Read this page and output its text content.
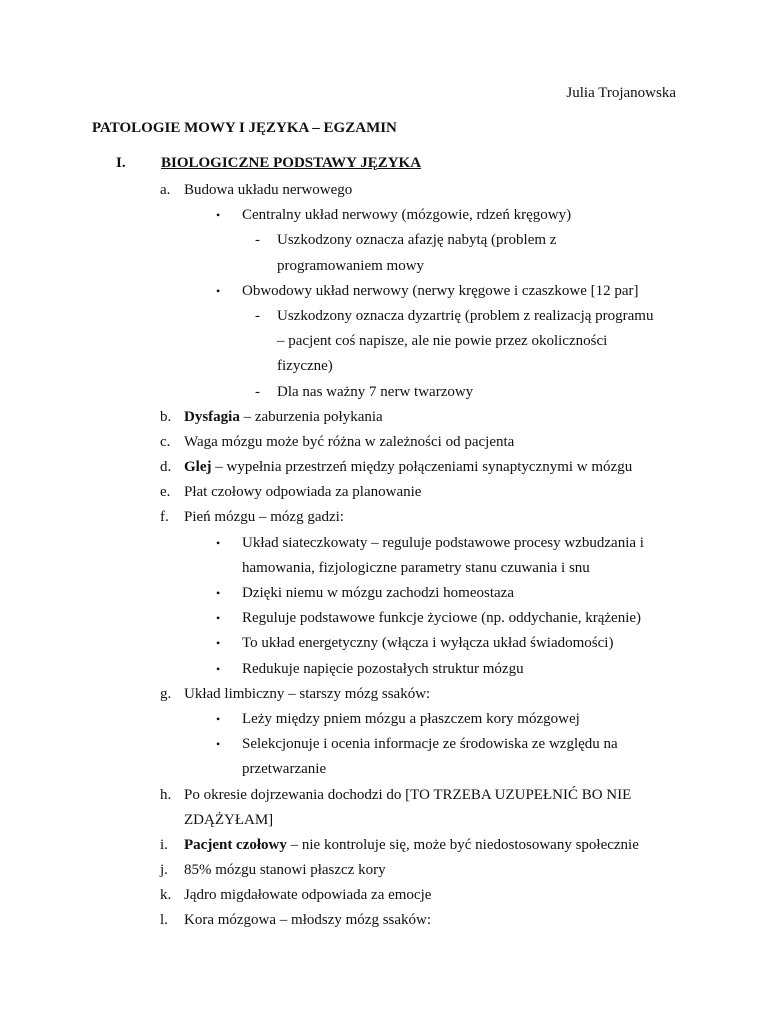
Julia Trojanowska
PATOLOGIE MOWY I JĘZYKA – EGZAMIN
I. BIOLOGICZNE PODSTAWY JĘZYKA
a. Budowa układu nerwowego
• Centralny układ nerwowy (mózgowie, rdzeń kręgowy)
- Uszkodzony oznacza afazję nabytą (problem z
programowaniem mowy
• Obwodowy układ nerwowy (nerwy kręgowe i czaszkowe [12 par]
- Uszkodzony oznacza dyzartrię (problem z realizacją programu
– pacjent coś napisze, ale nie powie przez okoliczności
fizyczne)
- Dla nas ważny 7 nerw twarzowy
b. Dysfagia – zaburzenia połykania
c. Waga mózgu może być różna w zależności od pacjenta
d. Glej – wypełnia przestrzeń między połączeniami synaptycznymi w mózgu
e. Płat czołowy odpowiada za planowanie
f. Pień mózgu – mózg gadzi:
• Układ siateczkowaty – reguluje podstawowe procesy wzbudzania i
hamowania, fizjologiczne parametry stanu czuwania i snu
• Dzięki niemu w mózgu zachodzi homeostaza
• Reguluje podstawowe funkcje życiowe (np. oddychanie, krążenie)
• To układ energetyczny (włącza i wyłącza układ świadomości)
• Redukuje napięcie pozostałych struktur mózgu
g. Układ limbiczny – starszy mózg ssaków:
• Leży między pniem mózgu a płaszczem kory mózgowej
• Selekcjonuje i ocenia informacje ze środowiska ze względu na
przetwarzanie
h. Po okresie dojrzewania dochodzi do [TO TRZEBA UZUPEŁNIĆ BO NIE
ZDĄŻYŁAM]
i. Pacjent czołowy – nie kontroluje się, może być niedostosowany społecznie
j. 85% mózgu stanowi płaszcz kory
k. Jądro migdałowate odpowiada za emocje
l. Kora mózgowa – młodszy mózg ssaków:
